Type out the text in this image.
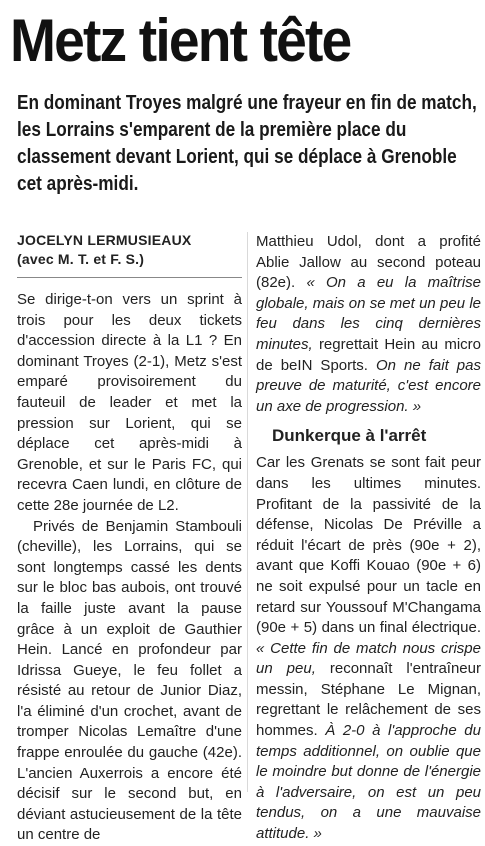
Metz tient tête
En dominant Troyes malgré une frayeur en fin de match, les Lorrains s'emparent de la première place du classement devant Lorient, qui se déplace à Grenoble cet après-midi.
JOCELYN LERMUSIEAUX
(avec M. T. et F. S.)

Se dirige-t-on vers un sprint à trois pour les deux tickets d'accession directe à la L1 ? En dominant Troyes (2-1), Metz s'est emparé provisoirement du fauteuil de leader et met la pression sur Lorient, qui se déplace cet après-midi à Grenoble, et sur le Paris FC, qui recevra Caen lundi, en clôture de cette 28e journée de L2.

Privés de Benjamin Stambouli (cheville), les Lorrains, qui se sont longtemps cassé les dents sur le bloc bas aubois, ont trouvé la faille juste avant la pause grâce à un exploit de Gauthier Hein. Lancé en profondeur par Idrissa Gueye, le feu follet a résisté au retour de Junior Diaz, l'a éliminé d'un crochet, avant de tromper Nicolas Lemaître d'une frappe enroulée du gauche (42e). L'ancien Auxerrois a encore été décisif sur le second but, en déviant astucieusement de la tête un centre de

Matthieu Udol, dont a profité Ablie Jallow au second poteau (82e). « On a eu la maîtrise globale, mais on se met un peu le feu dans les cinq dernières minutes, regrettait Hein au micro de beIN Sports. On ne fait pas preuve de maturité, c'est encore un axe de progression. »

Dunkerque à l'arrêt

Car les Grenats se sont fait peur dans les ultimes minutes. Profitant de la passivité de la défense, Nicolas De Préville a réduit l'écart de près (90e + 2), avant que Koffi Kouao (90e + 6) ne soit expulsé pour un tacle en retard sur Youssouf M'Changama (90e + 5) dans un final électrique. « Cette fin de match nous crispe un peu, reconnaît l'entraîneur messin, Stéphane Le Mignan, regrettant le relâchement de ses hommes. À 2-0 à l'approche du temps additionnel, on oublie que le moindre but donne de l'énergie à l'adversaire, on est un peu tendus, on a une mauvaise attitude. »
